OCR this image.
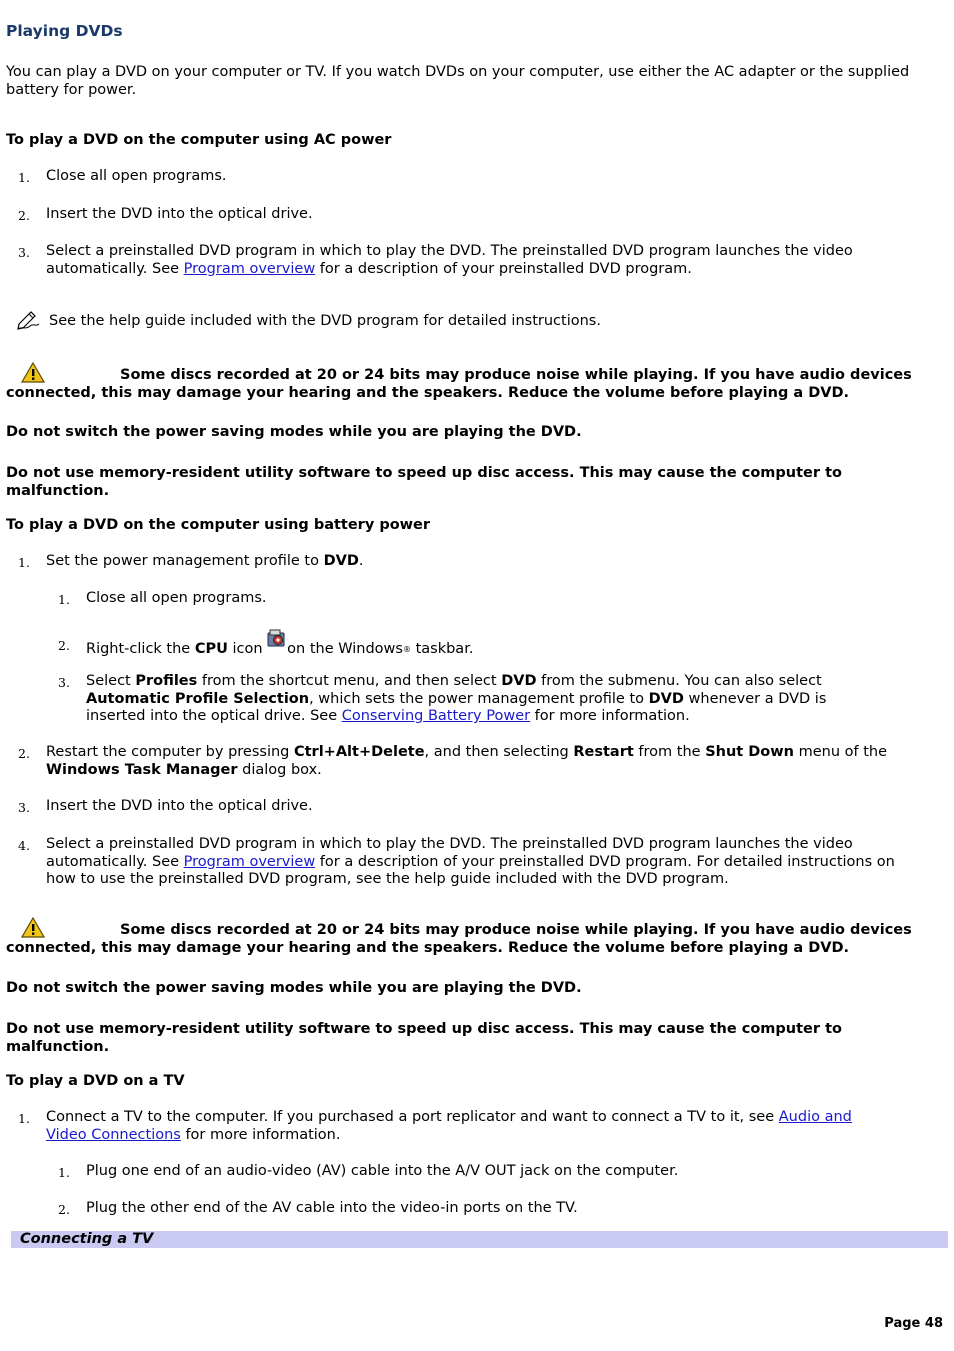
Playing DVDs
You can play a DVD on your computer or TV. If you watch DVDs on your computer, use either the AC adapter or the supplied battery for power.
To play a DVD on the computer using AC power
1. Close all open programs.
2. Insert the DVD into the optical drive.
3. Select a preinstalled DVD program in which to play the DVD. The preinstalled DVD program launches the video automatically. See Program overview for a description of your preinstalled DVD program.
See the help guide included with the DVD program for detailed instructions.
Some discs recorded at 20 or 24 bits may produce noise while playing. If you have audio devices connected, this may damage your hearing and the speakers. Reduce the volume before playing a DVD.
Do not switch the power saving modes while you are playing the DVD.
Do not use memory-resident utility software to speed up disc access. This may cause the computer to malfunction.
To play a DVD on the computer using battery power
1. Set the power management profile to DVD.
1. Close all open programs.
2. Right-click the CPU icon on the Windows® taskbar.
3. Select Profiles from the shortcut menu, and then select DVD from the submenu. You can also select Automatic Profile Selection, which sets the power management profile to DVD whenever a DVD is inserted into the optical drive. See Conserving Battery Power for more information.
2. Restart the computer by pressing Ctrl+Alt+Delete, and then selecting Restart from the Shut Down menu of the Windows Task Manager dialog box.
3. Insert the DVD into the optical drive.
4. Select a preinstalled DVD program in which to play the DVD. The preinstalled DVD program launches the video automatically. See Program overview for a description of your preinstalled DVD program. For detailed instructions on how to use the preinstalled DVD program, see the help guide included with the DVD program.
Some discs recorded at 20 or 24 bits may produce noise while playing. If you have audio devices connected, this may damage your hearing and the speakers. Reduce the volume before playing a DVD.
Do not switch the power saving modes while you are playing the DVD.
Do not use memory-resident utility software to speed up disc access. This may cause the computer to malfunction.
To play a DVD on a TV
1. Connect a TV to the computer. If you purchased a port replicator and want to connect a TV to it, see Audio and Video Connections for more information.
1. Plug one end of an audio-video (AV) cable into the A/V OUT jack on the computer.
2. Plug the other end of the AV cable into the video-in ports on the TV.
Connecting a TV
Page 48
